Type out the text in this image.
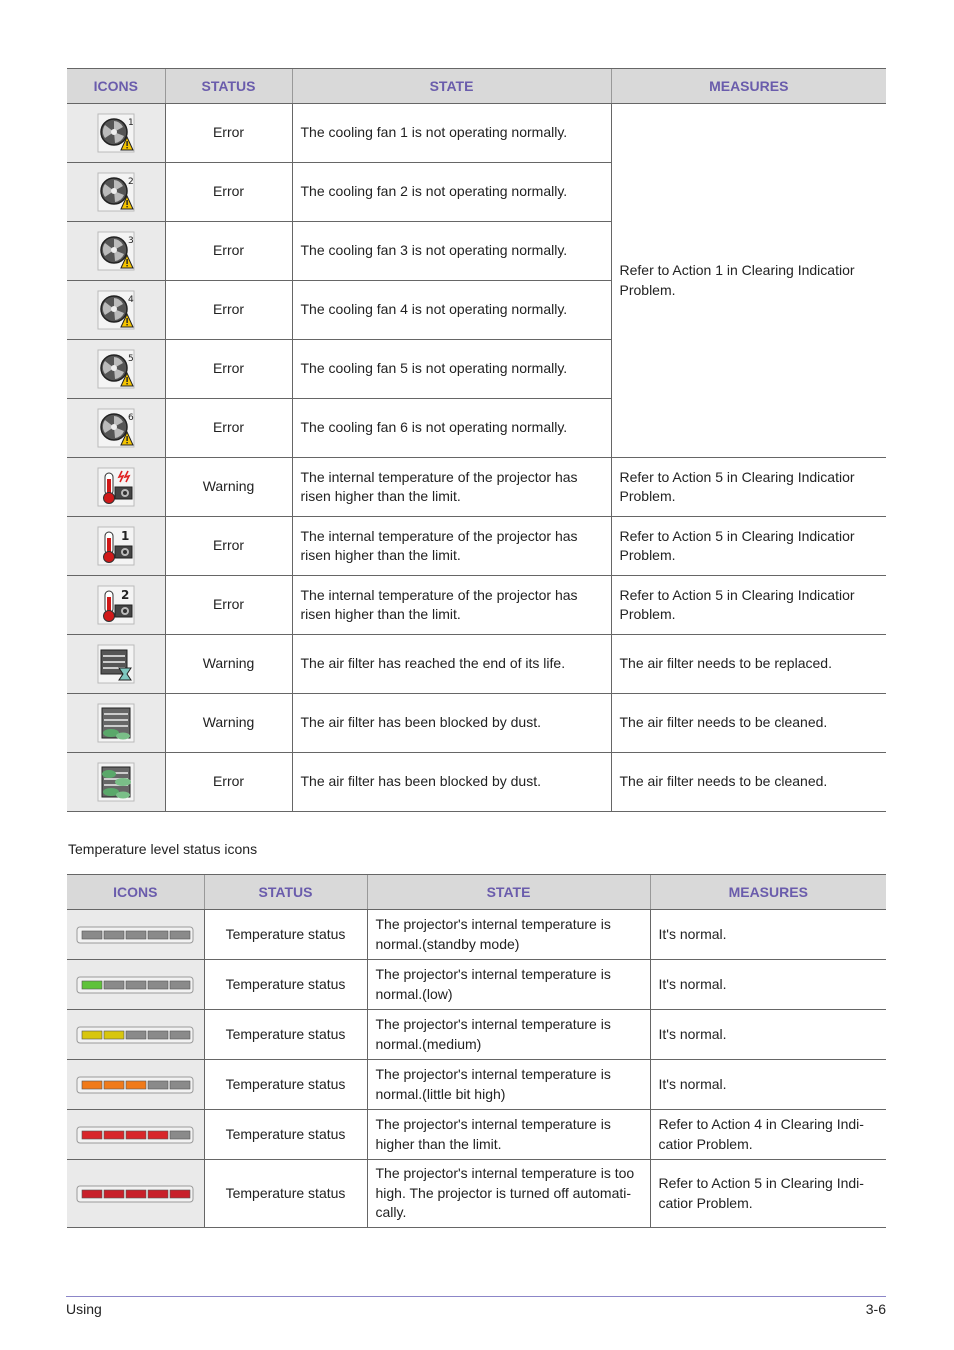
ICONS	STATUS	STATE	MEASURES

1	Error	The cooling fan 1 is not operating normally.	Refer to Action 1 in Clearing Indicatior Problem.

2	Error	The cooling fan 2 is not operating normally.	

3	Error	The cooling fan 3 is not operating normally.	

4	Error	The cooling fan 4 is not operating normally.	

5	Error	The cooling fan 5 is not operating normally.	

6	Error	The cooling fan 6 is not operating normally.	

	Warning	The internal temperature of the projector has risen higher than the limit.	Refer to Action 5 in Clearing Indicatior Problem.

1	Error	The internal temperature of the projector has risen higher than the limit.	Refer to Action 5 in Clearing Indicatior Problem.

2	Error	The internal temperature of the projector has risen higher than the limit.	Refer to Action 5 in Clearing Indicatior Problem.

	Warning	The air filter has reached the end of its life.	The air filter needs to be replaced.

	Warning	The air filter has been blocked by dust.	The air filter needs to be cleaned.

	Error	The air filter has been blocked by dust.	The air filter needs to be cleaned.
Temperature level status icons
ICONS	STATUS	STATE	MEASURES

	Temperature status	The projector's internal temperature is normal.(standby mode)	It's normal.

	Temperature status	The projector's internal temperature is normal.(low)	It's normal.

	Temperature status	The projector's internal temperature is normal.(medium)	It's normal.

	Temperature status	The projector's internal temperature is normal.(little bit high)	It's normal.

	Temperature status	The projector's internal temperature is higher than the limit.	Refer to Action 4 in Clearing Indi-catior Problem.

	Temperature status	The projector's internal temperature is too high. The projector is turned off automati-cally.	Refer to Action 5 in Clearing Indi-catior Problem.
Using	3-6
